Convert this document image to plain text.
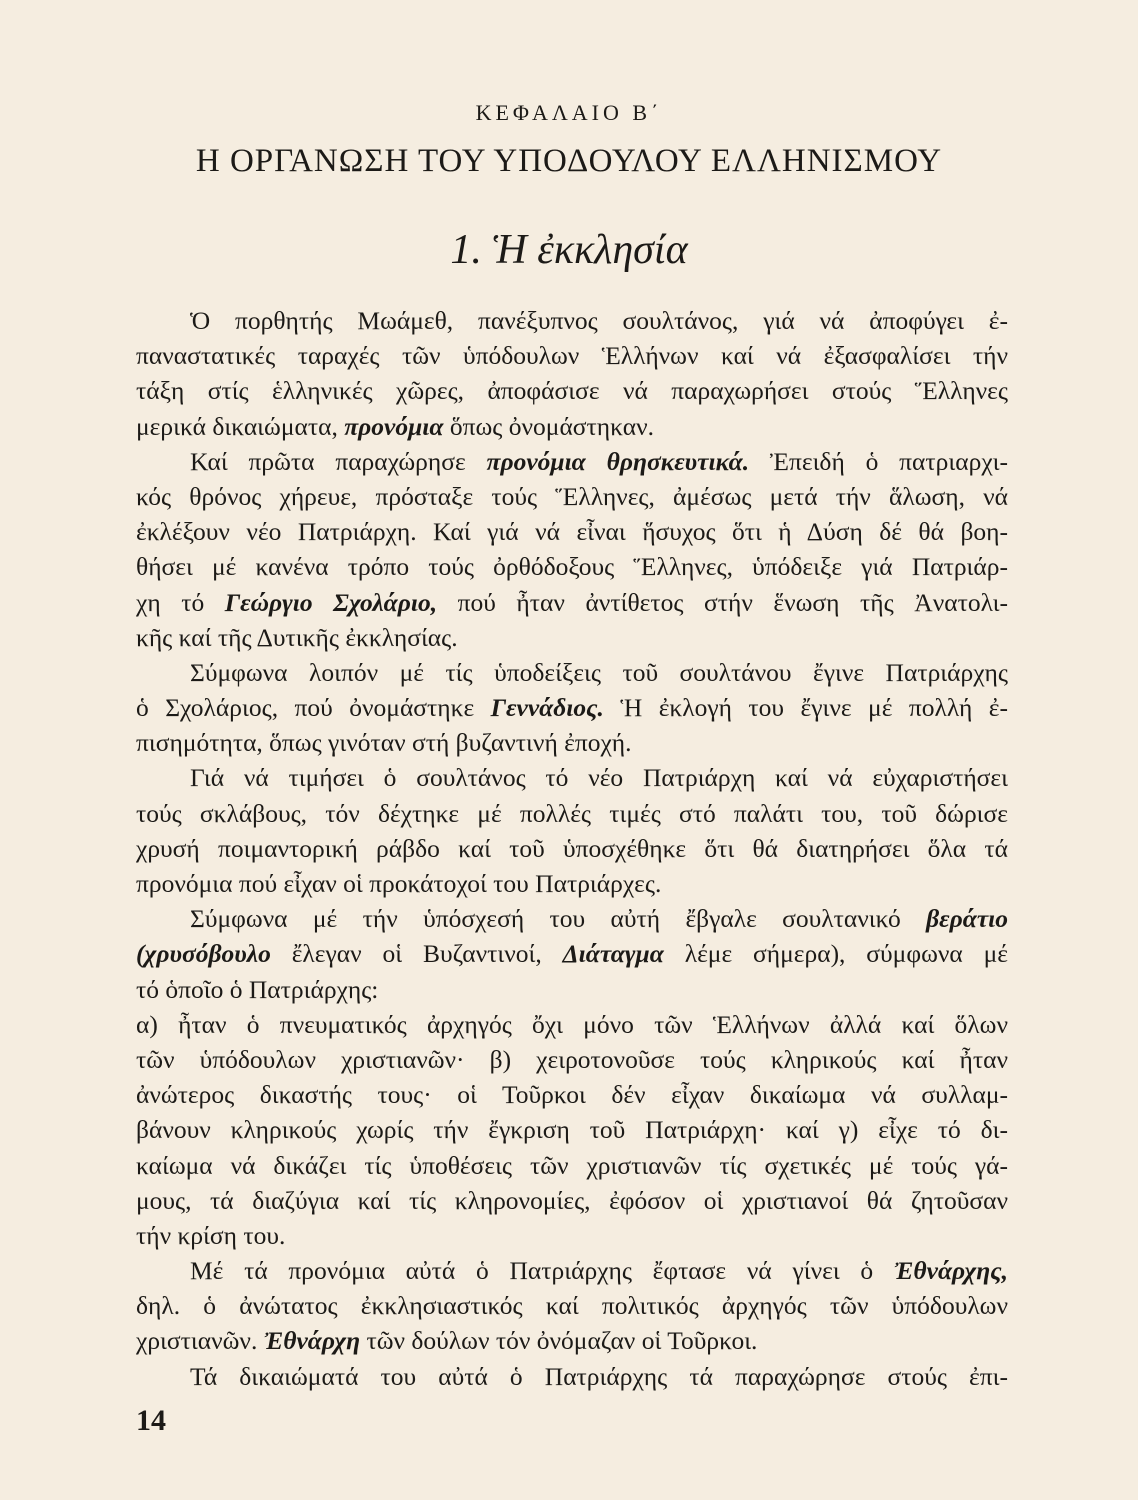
ΚΕΦΑΛΑΙΟ Β΄
Η ΟΡΓΑΝΩΣΗ ΤΟΥ ΥΠΟΔΟΥΛΟΥ ΕΛΛΗΝΙΣΜΟΥ
1. Ἡ ἐκκλησία
Ὁ πορθητής Μωάμεθ, πανέξυπνος σουλτάνος, γιά νά ἀποφύγει ἐ-
παναστατικές ταραχές τῶν ὑπόδουλων Ἑλλήνων καί νά ἐξασφαλίσει τήν
τάξη στίς ἑλληνικές χῶρες, ἀποφάσισε νά παραχωρήσει στούς Ἕλληνες
μερικά δικαιώματα, προνόμια ὅπως ὀνομάστηκαν.
Καί πρῶτα παραχώρησε προνόμια θρησκευτικά. Ἐπειδή ὁ πατριαρχι-
κός θρόνος χήρευε, πρόσταξε τούς Ἕλληνες, ἀμέσως μετά τήν ἅλωση, νά
ἐκλέξουν νέο Πατριάρχη. Καί γιά νά εἶναι ἥσυχος ὅτι ἡ Δύση δέ θά βοη-
θήσει μέ κανένα τρόπο τούς ὀρθόδοξους Ἕλληνες, ὑπόδειξε γιά Πατριάρ-
χη τό Γεώργιο Σχολάριο, πού ἦταν ἀντίθετος στήν ἕνωση τῆς Ἀνατολι-
κῆς καί τῆς Δυτικῆς ἐκκλησίας.
Σύμφωνα λοιπόν μέ τίς ὑποδείξεις τοῦ σουλτάνου ἔγινε Πατριάρχης
ὁ Σχολάριος, πού ὀνομάστηκε Γεννάδιος. Ἡ ἐκλογή του ἔγινε μέ πολλή ἐ-
πισημότητα, ὅπως γινόταν στή βυζαντινή ἐποχή.
Γιά νά τιμήσει ὁ σουλτάνος τό νέο Πατριάρχη καί νά εὐχαριστήσει
τούς σκλάβους, τόν δέχτηκε μέ πολλές τιμές στό παλάτι του, τοῦ δώρισε
χρυσή ποιμαντορική ράβδο καί τοῦ ὑποσχέθηκε ὅτι θά διατηρήσει ὅλα τά
προνόμια πού εἶχαν οἱ προκάτοχοί του Πατριάρχες.
Σύμφωνα μέ τήν ὑπόσχεσή του αὐτή ἔβγαλε σουλτανικό βεράτιο
(χρυσόβουλο ἔλεγαν οἱ Βυζαντινοί, Διάταγμα λέμε σήμερα), σύμφωνα μέ
τό ὁποῖο ὁ Πατριάρχης:
α) ἦταν ὁ πνευματικός ἀρχηγός ὄχι μόνο τῶν Ἑλλήνων ἀλλά καί ὅλων
τῶν ὑπόδουλων χριστιανῶν· β) χειροτονοῦσε τούς κληρικούς καί ἦταν
ἀνώτερος δικαστής τους· οἱ Τοῦρκοι δέν εἶχαν δικαίωμα νά συλλαμ-
βάνουν κληρικούς χωρίς τήν ἔγκριση τοῦ Πατριάρχη· καί γ) εἶχε τό δι-
καίωμα νά δικάζει τίς ὑποθέσεις τῶν χριστιανῶν τίς σχετικές μέ τούς γά-
μους, τά διαζύγια καί τίς κληρονομίες, ἐφόσον οἱ χριστιανοί θά ζητοῦσαν
τήν κρίση του.
Μέ τά προνόμια αὐτά ὁ Πατριάρχης ἔφτασε νά γίνει ὁ Ἐθνάρχης,
δηλ. ὁ ἀνώτατος ἐκκλησιαστικός καί πολιτικός ἀρχηγός τῶν ὑπόδουλων
χριστιανῶν. Ἐθνάρχη τῶν δούλων τόν ὀνόμαζαν οἱ Τοῦρκοι.
Τά δικαιώματά του αὐτά ὁ Πατριάρχης τά παραχώρησε στούς ἐπι-
14
